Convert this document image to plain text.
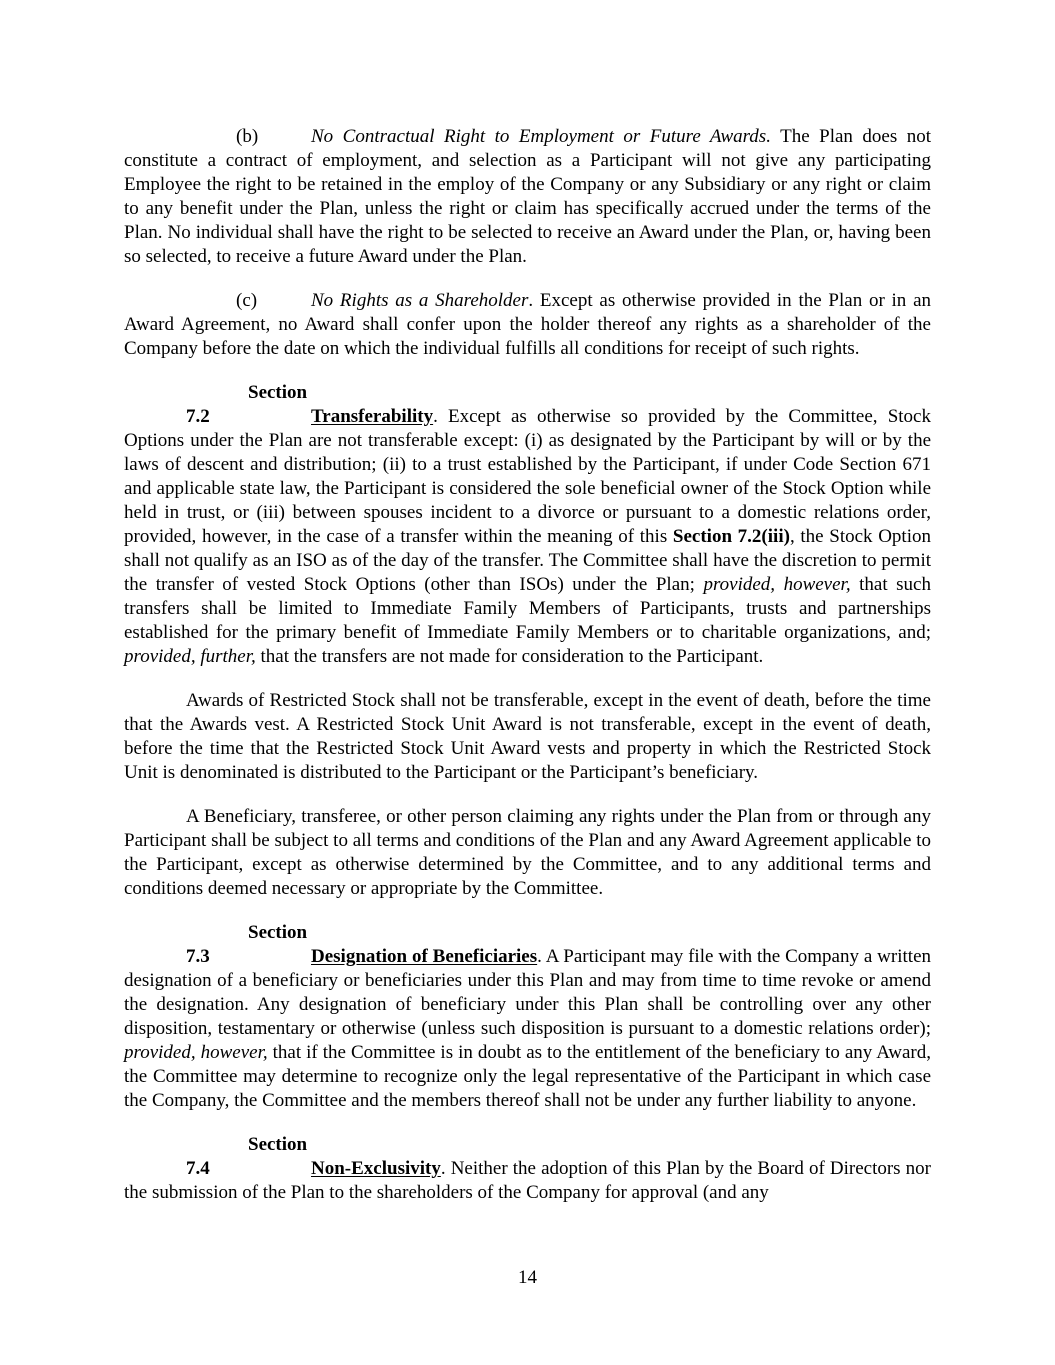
(b)	No Contractual Right to Employment or Future Awards. The Plan does not constitute a contract of employment, and selection as a Participant will not give any participating Employee the right to be retained in the employ of the Company or any Subsidiary or any right or claim to any benefit under the Plan, unless the right or claim has specifically accrued under the terms of the Plan. No individual shall have the right to be selected to receive an Award under the Plan, or, having been so selected, to receive a future Award under the Plan.

(c)	No Rights as a Shareholder. Except as otherwise provided in the Plan or in an Award Agreement, no Award shall confer upon the holder thereof any rights as a shareholder of the Company before the date on which the individual fulfills all conditions for receipt of such rights.

Section 7.2	Transferability. Except as otherwise so provided by the Committee, Stock Options under the Plan are not transferable except: (i) as designated by the Participant by will or by the laws of descent and distribution; (ii) to a trust established by the Participant, if under Code Section 671 and applicable state law, the Participant is considered the sole beneficial owner of the Stock Option while held in trust, or (iii) between spouses incident to a divorce or pursuant to a domestic relations order, provided, however, in the case of a transfer within the meaning of this Section 7.2(iii), the Stock Option shall not qualify as an ISO as of the day of the transfer. The Committee shall have the discretion to permit the transfer of vested Stock Options (other than ISOs) under the Plan; provided, however, that such transfers shall be limited to Immediate Family Members of Participants, trusts and partnerships established for the primary benefit of Immediate Family Members or to charitable organizations, and; provided, further, that the transfers are not made for consideration to the Participant.

Awards of Restricted Stock shall not be transferable, except in the event of death, before the time that the Awards vest. A Restricted Stock Unit Award is not transferable, except in the event of death, before the time that the Restricted Stock Unit Award vests and property in which the Restricted Stock Unit is denominated is distributed to the Participant or the Participant’s beneficiary.

A Beneficiary, transferee, or other person claiming any rights under the Plan from or through any Participant shall be subject to all terms and conditions of the Plan and any Award Agreement applicable to the Participant, except as otherwise determined by the Committee, and to any additional terms and conditions deemed necessary or appropriate by the Committee.

Section 7.3	Designation of Beneficiaries. A Participant may file with the Company a written designation of a beneficiary or beneficiaries under this Plan and may from time to time revoke or amend the designation. Any designation of beneficiary under this Plan shall be controlling over any other disposition, testamentary or otherwise (unless such disposition is pursuant to a domestic relations order); provided, however, that if the Committee is in doubt as to the entitlement of the beneficiary to any Award, the Committee may determine to recognize only the legal representative of the Participant in which case the Company, the Committee and the members thereof shall not be under any further liability to anyone.

Section 7.4	Non-Exclusivity. Neither the adoption of this Plan by the Board of Directors nor the submission of the Plan to the shareholders of the Company for approval (and any

14
